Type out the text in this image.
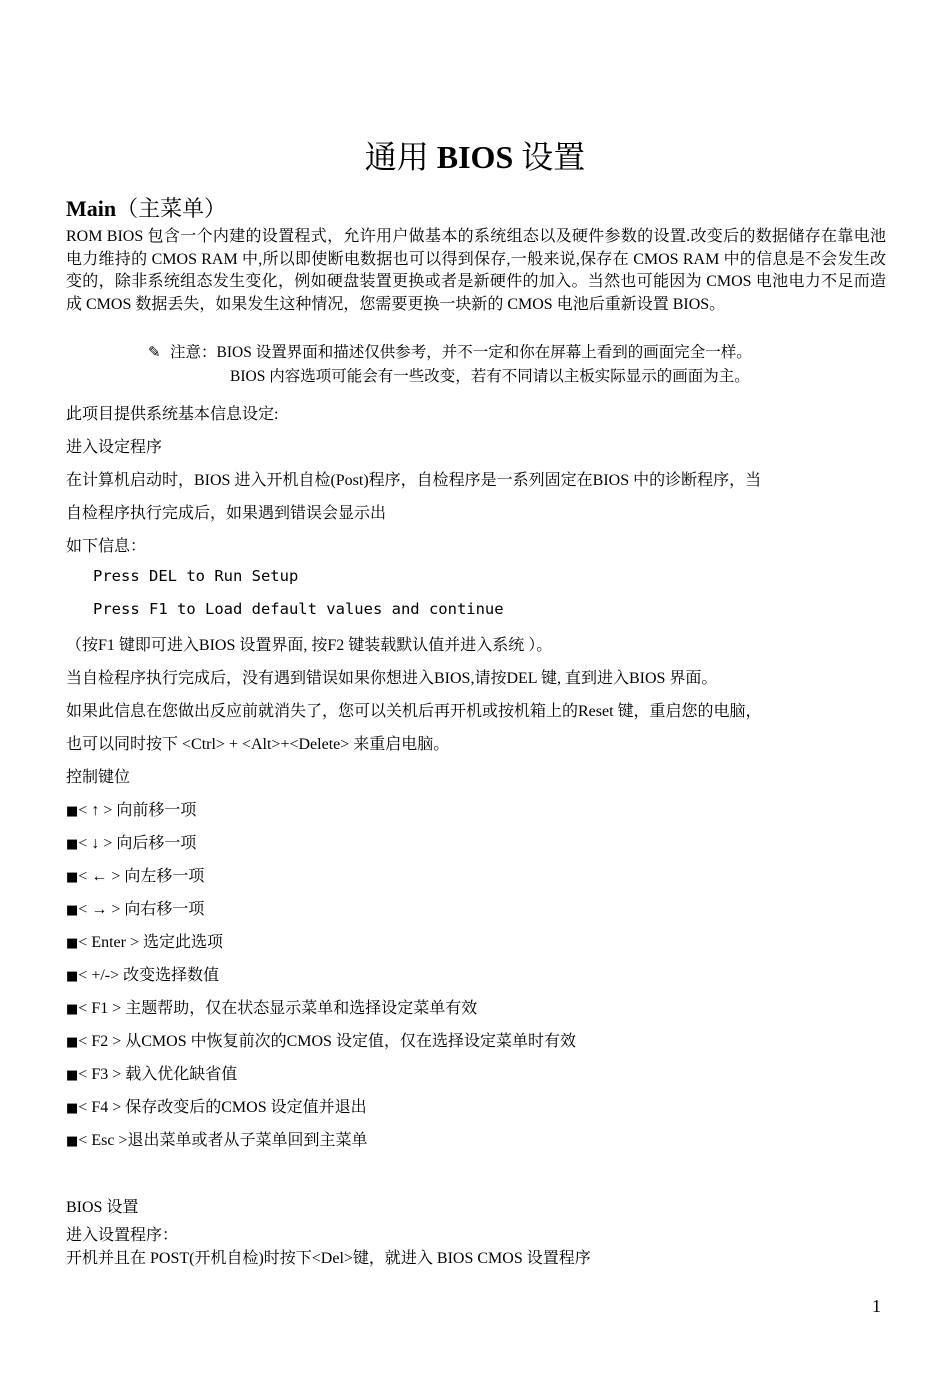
通用 BIOS 设置
Main（主菜单）
ROM BIOS 包含一个内建的设置程式，允许用户做基本的系统组态以及硬件参数的设置.改变后的数据储存在靠电池电力维持的 CMOS RAM 中,所以即使断电数据也可以得到保存,一般来说,保存在 CMOS RAM 中的信息是不会发生改变的，除非系统组态发生变化，例如硬盘装置更换或者是新硬件的加入。当然也可能因为 CMOS 电池电力不足而造成 CMOS 数据丢失，如果发生这种情况，您需要更换一块新的 CMOS 电池后重新设置 BIOS。
✎ 注意：BIOS 设置界面和描述仅供参考，并不一定和你在屏幕上看到的画面完全一样。
BIOS 内容选项可能会有一些改变，若有不同请以主板实际显示的画面为主。
此项目提供系统基本信息设定:
进入设定程序
在计算机启动时，BIOS 进入开机自检(Post)程序，自检程序是一系列固定在BIOS 中的诊断程序，当
自检程序执行完成后，如果遇到错误会显示出
如下信息：
Press DEL to Run Setup
Press F1 to Load default values and continue
（按F1 键即可进入BIOS 设置界面, 按F2 键装载默认值并进入系统 ）。
当自检程序执行完成后，没有遇到错误如果你想进入BIOS,请按DEL 键, 直到进入BIOS 界面。
如果此信息在您做出反应前就消失了，您可以关机后再开机或按机箱上的Reset 键，重启您的电脑，
也可以同时按下 <Ctrl> + <Alt>+<Delete> 来重启电脑。
控制键位
■< ↑ > 向前移一项
■< ↓ > 向后移一项
■< ← > 向左移一项
■< → > 向右移一项
■< Enter > 选定此选项
■< +/-> 改变选择数值
■< F1 > 主题帮助，仅在状态显示菜单和选择设定菜单有效
■< F2 > 从CMOS 中恢复前次的CMOS 设定值，仅在选择设定菜单时有效
■< F3 > 载入优化缺省值
■< F4 > 保存改变后的CMOS 设定值并退出
■< Esc >退出菜单或者从子菜单回到主菜单
BIOS 设置
进入设置程序：
开机并且在 POST(开机自检)时按下<Del>键，就进入 BIOS CMOS 设置程序
1
